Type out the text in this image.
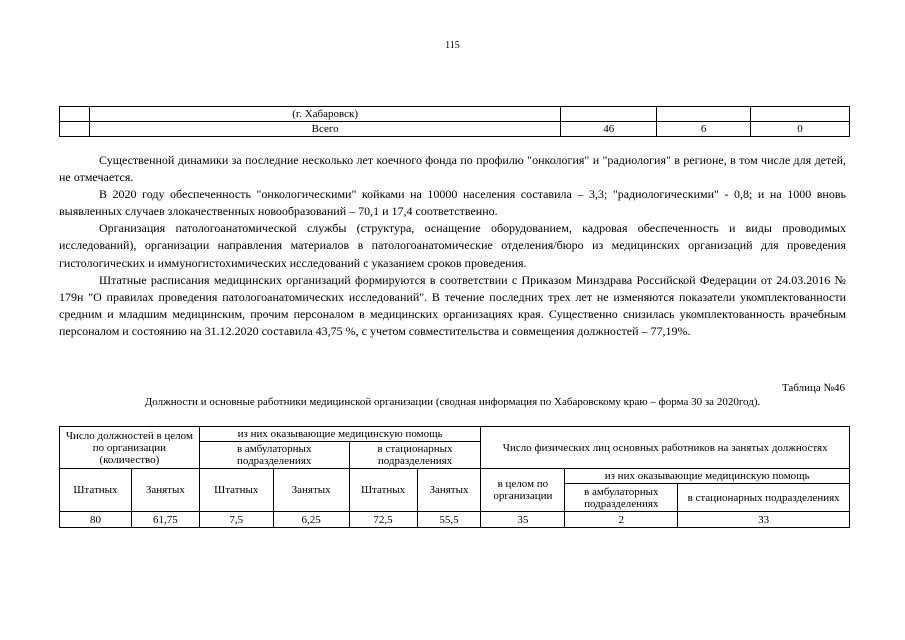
115
	(г. Хабаровск)			
	Всего	46	6	0

Существенной динамики за последние несколько лет коечного фонда по профилю "онкология" и "радиология" в регионе, в том числе для детей, не отмечается.

В 2020 году обеспеченность "онкологическими" койками на 10000 населения составила – 3,3; "радиологическими" - 0,8; и на 1000 вновь выявленных случаев злокачественных новообразований – 70,1 и 17,4 соответственно.

Организация патологоанатомической службы (структура, оснащение оборудованием, кадровая обеспеченность и виды проводимых исследований), организации направления материалов в патологоанатомические отделения/бюро из медицинских организаций для проведения гистологических и иммуногистохимических исследований с указанием сроков проведения.

Штатные расписания медицинских организаций формируются в соответствии с Приказом Минздрава Российской Федерации от 24.03.2016 № 179н "О правилах проведения патологоанатомических исследований". В течение последних трех лет не изменяются показатели укомплектованности средним и младшим медицинским, прочим персоналом в медицинских организациях края. Существенно снизилась укомплектованность врачебным персоналом и состоянию на 31.12.2020 составила 43,75 %, с учетом совместительства и совмещения должностей – 77,19%.

Таблица №46
Должности и основные работники медицинской организации (сводная информация по Хабаровскому краю – форма 30 за 2020год).
Число должностей в целом по организации (количество)		из них оказывающие медицинскую помощь				Число физических лиц основных работников на занятых должностях		
		в амбулаторных подразделениях		в стационарных подразделениях				
Штатных	Занятых	Штатных	Занятых	Штатных	Занятых	в целом по организации	из них оказывающие медицинскую помощь	
							в амбулаторных подразделениях	в стационарных подразделениях
80	61,75	7,5	6,25	72,5	55,5	35	2	33
